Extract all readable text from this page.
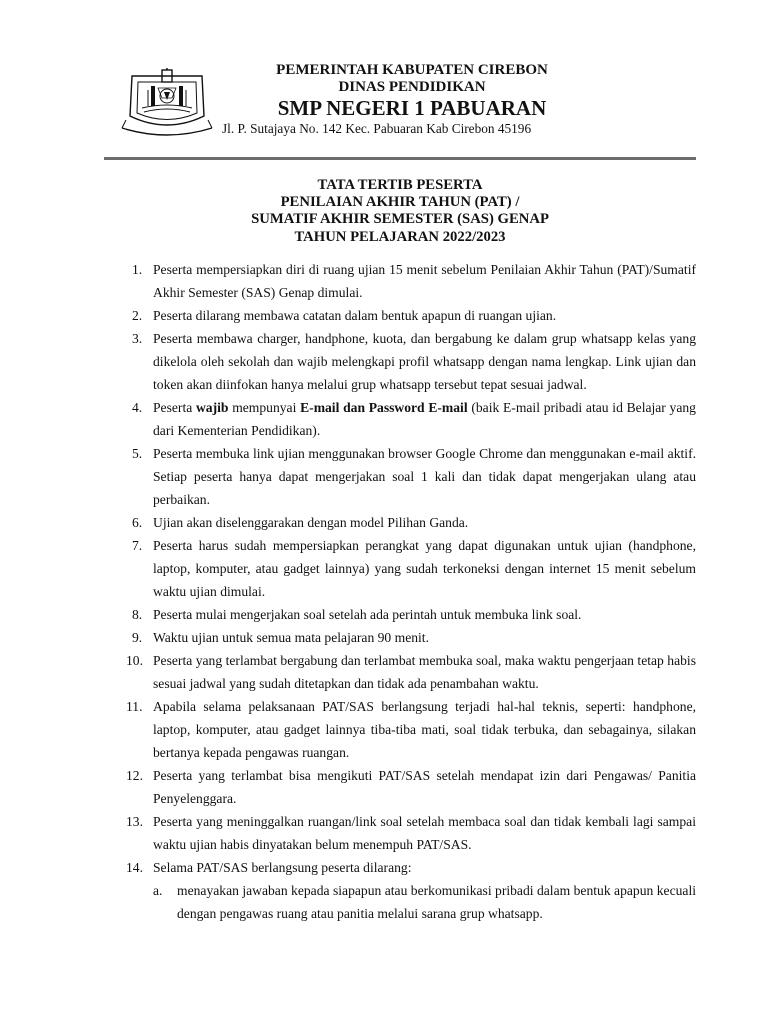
PEMERINTAH KABUPATEN CIREBON
DINAS PENDIDIKAN
SMP NEGERI 1 PABUARAN
Jl. P. Sutajaya No. 142 Kec. Pabuaran Kab Cirebon 45196
TATA TERTIB PESERTA
PENILAIAN AKHIR TAHUN (PAT) /
SUMATIF AKHIR SEMESTER (SAS) GENAP
TAHUN PELAJARAN 2022/2023
1. Peserta mempersiapkan diri di ruang ujian 15 menit sebelum Penilaian Akhir Tahun (PAT)/Sumatif Akhir Semester (SAS) Genap dimulai.
2. Peserta dilarang membawa catatan dalam bentuk apapun di ruangan ujian.
3. Peserta membawa charger, handphone, kuota, dan bergabung ke dalam grup whatsapp kelas yang dikelola oleh sekolah dan wajib melengkapi profil whatsapp dengan nama lengkap. Link ujian dan token akan diinfokan hanya melalui grup whatsapp tersebut tepat sesuai jadwal.
4. Peserta wajib mempunyai E-mail dan Password E-mail (baik E-mail pribadi atau id Belajar yang dari Kementerian Pendidikan).
5. Peserta membuka link ujian menggunakan browser Google Chrome dan menggunakan e-mail aktif. Setiap peserta hanya dapat mengerjakan soal 1 kali dan tidak dapat mengerjakan ulang atau perbaikan.
6. Ujian akan diselenggarakan dengan model Pilihan Ganda.
7. Peserta harus sudah mempersiapkan perangkat yang dapat digunakan untuk ujian (handphone, laptop, komputer, atau gadget lainnya) yang sudah terkoneksi dengan internet 15 menit sebelum waktu ujian dimulai.
8. Peserta mulai mengerjakan soal setelah ada perintah untuk membuka link soal.
9. Waktu ujian untuk semua mata pelajaran 90 menit.
10. Peserta yang terlambat bergabung dan terlambat membuka soal, maka waktu pengerjaan tetap habis sesuai jadwal yang sudah ditetapkan dan tidak ada penambahan waktu.
11. Apabila selama pelaksanaan PAT/SAS berlangsung terjadi hal-hal teknis, seperti: handphone, laptop, komputer, atau gadget lainnya tiba-tiba mati, soal tidak terbuka, dan sebagainya, silakan bertanya kepada pengawas ruangan.
12. Peserta yang terlambat bisa mengikuti PAT/SAS setelah mendapat izin dari Pengawas/ Panitia Penyelenggara.
13. Peserta yang meninggalkan ruangan/link soal setelah membaca soal dan tidak kembali lagi sampai waktu ujian habis dinyatakan belum menempuh PAT/SAS.
14. Selama PAT/SAS berlangsung peserta dilarang:
a.	menayakan jawaban kepada siapapun atau berkomunikasi pribadi dalam bentuk apapun kecuali dengan pengawas ruang atau panitia melalui sarana grup whatsapp.
